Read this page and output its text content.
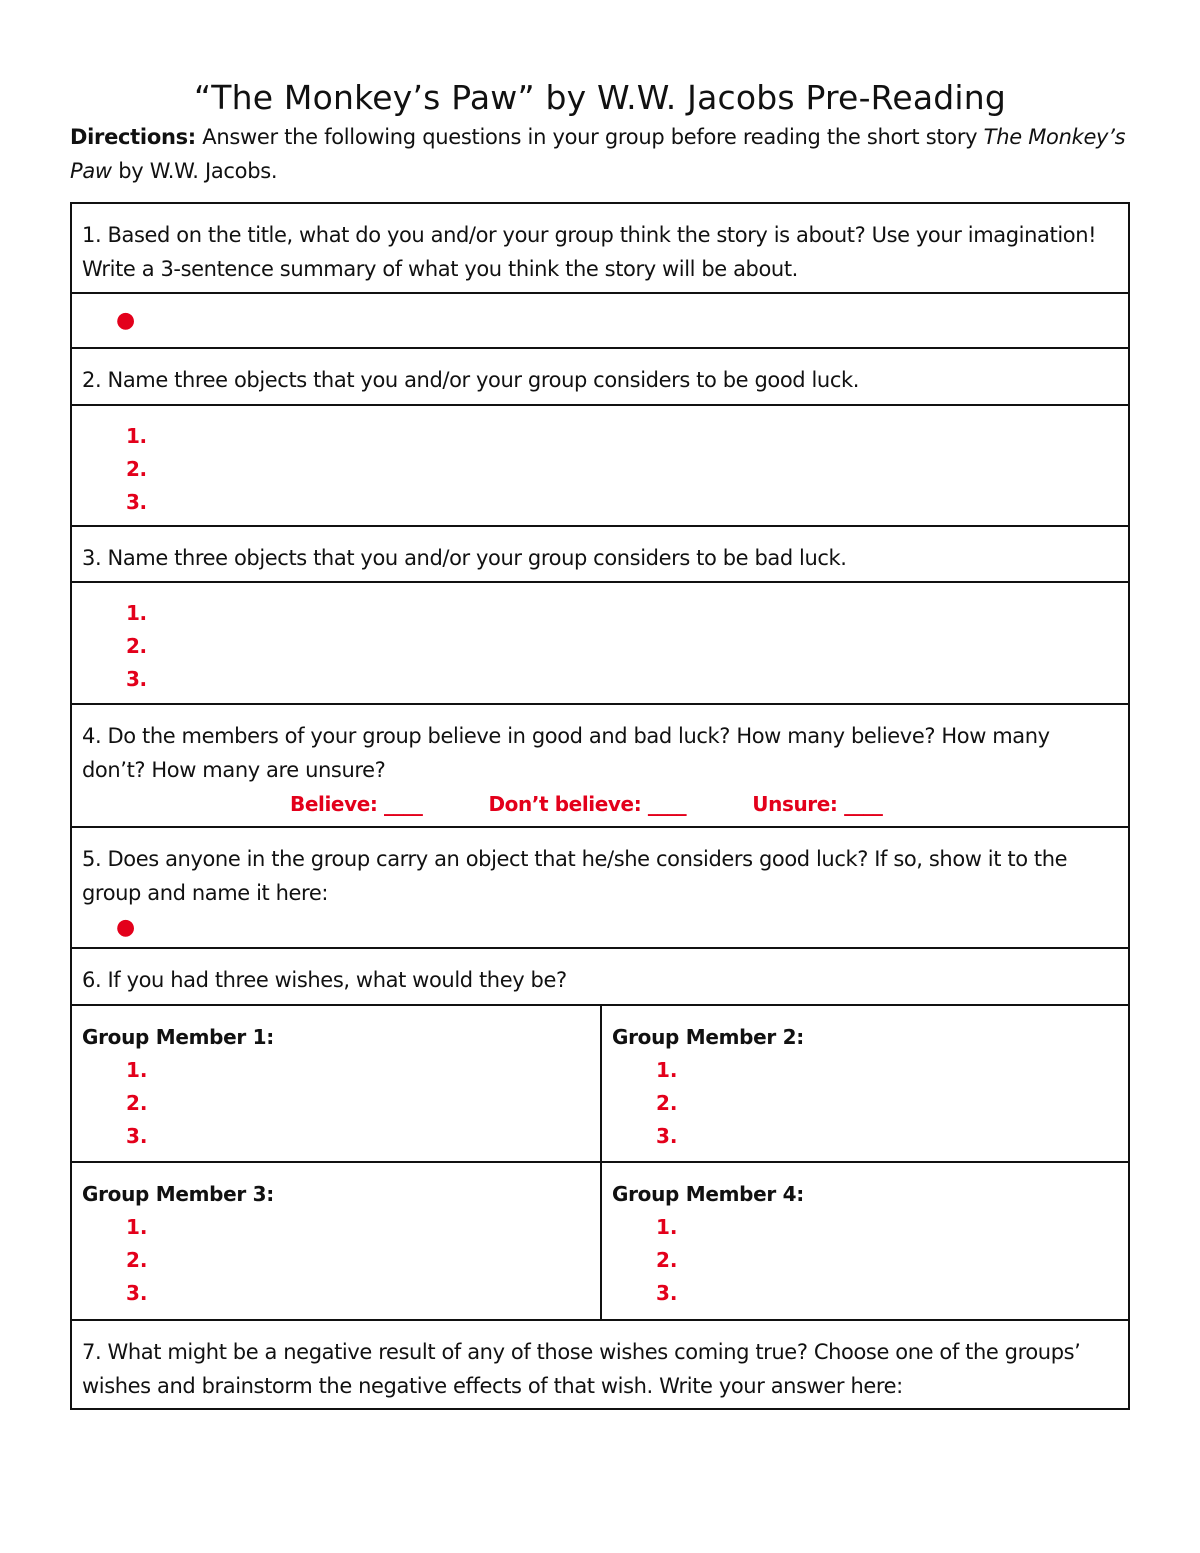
“The Monkey’s Paw” by W.W. Jacobs Pre-Reading

Directions: Answer the following questions in your group before reading the short story The Monkey’s Paw by W.W. Jacobs.

1. Based on the title, what do you and/or your group think the story is about? Use your imagination! Write a 3-sentence summary of what you think the story will be about.
●
2. Name three objects that you and/or your group considers to be good luck.
1.
2.
3.
3. Name three objects that you and/or your group considers to be bad luck.
1.
2.
3.
4. Do the members of your group believe in good and bad luck? How many believe? How many don’t? How many are unsure?
Believe: ____	Don’t believe: ____	Unsure: ____
5. Does anyone in the group carry an object that he/she considers good luck? If so, show it to the group and name it here:
●
6. If you had three wishes, what would they be?
Group Member 1:
1.
2.
3.
Group Member 2:
1.
2.
3.
Group Member 3:
1.
2.
3.
Group Member 4:
1.
2.
3.
7. What might be a negative result of any of those wishes coming true? Choose one of the groups’ wishes and brainstorm the negative effects of that wish. Write your answer here:
